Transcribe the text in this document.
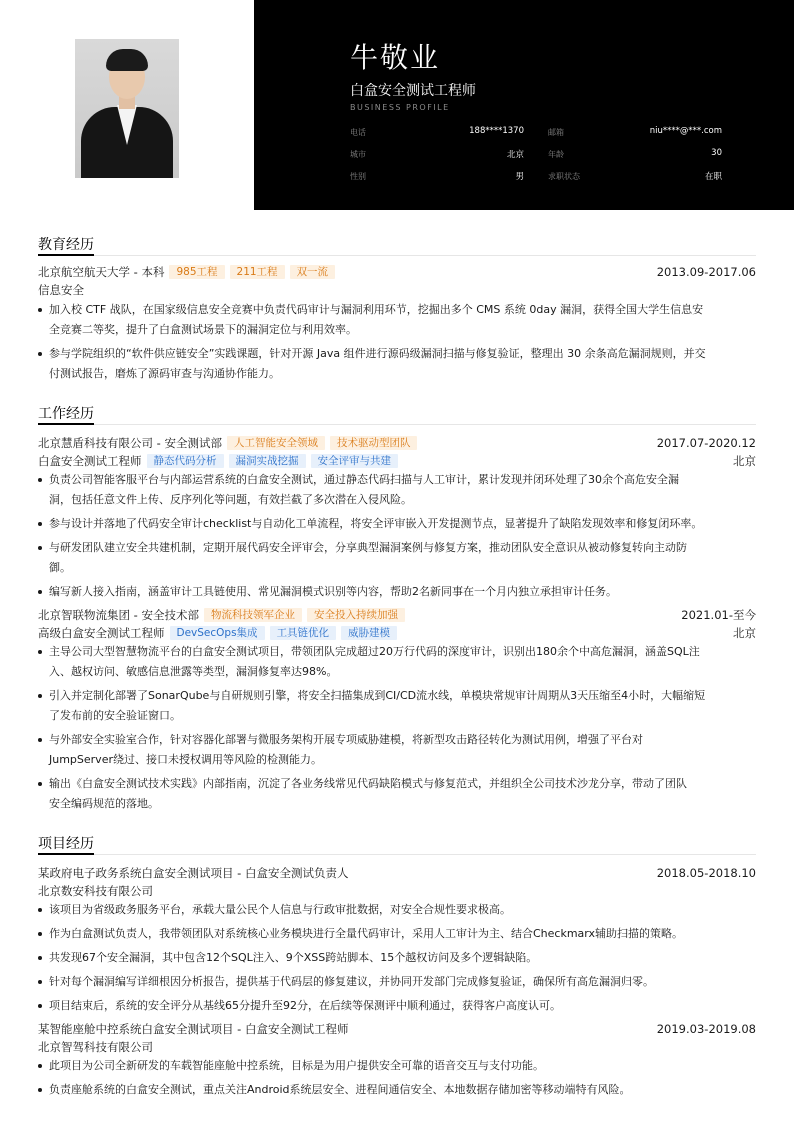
牛敬业
白盒安全测试工程师
BUSINESS PROFILE
电话	188****1370	邮箱	niu****@***.com
城市	北京	年龄	30
性别	男	求职状态	在职
教育经历
北京航空航天大学 - 本科	985工程	211工程	双一流	2013.09-2017.06
信息安全
加入校 CTF 战队，在国家级信息安全竞赛中负责代码审计与漏洞利用环节，挖掘出多个 CMS 系统 0day 漏洞，获得全国大学生信息安
全竞赛二等奖，提升了白盒测试场景下的漏洞定位与利用效率。
参与学院组织的“软件供应链安全”实践课题，针对开源 Java 组件进行源码级漏洞扫描与修复验证，整理出 30 余条高危漏洞规则，并交
付测试报告，磨炼了源码审查与沟通协作能力。
工作经历
北京慧盾科技有限公司 - 安全测试部	人工智能安全领域	技术驱动型团队	2017.07-2020.12
白盒安全测试工程师	静态代码分析	漏洞实战挖掘	安全评审与共建	北京
负责公司智能客服平台与内部运营系统的白盒安全测试，通过静态代码扫描与人工审计，累计发现并闭环处理了30余个高危安全漏
洞，包括任意文件上传、反序列化等问题，有效拦截了多次潜在入侵风险。
参与设计并落地了代码安全审计checklist与自动化工单流程，将安全评审嵌入开发提测节点，显著提升了缺陷发现效率和修复闭环率。
与研发团队建立安全共建机制，定期开展代码安全评审会，分享典型漏洞案例与修复方案，推动团队安全意识从被动修复转向主动防
御。
编写新人接入指南，涵盖审计工具链使用、常见漏洞模式识别等内容，帮助2名新同事在一个月内独立承担审计任务。
北京智联物流集团 - 安全技术部	物流科技领军企业	安全投入持续加强	2021.01-至今
高级白盒安全测试工程师	DevSecOps集成	工具链优化	威胁建模	北京
主导公司大型智慧物流平台的白盒安全测试项目，带领团队完成超过20万行代码的深度审计，识别出180余个中高危漏洞，涵盖SQL注
入、越权访问、敏感信息泄露等类型，漏洞修复率达98%。
引入并定制化部署了SonarQube与自研规则引擎，将安全扫描集成到CI/CD流水线，单模块常规审计周期从3天压缩至4小时，大幅缩短
了发布前的安全验证窗口。
与外部安全实验室合作，针对容器化部署与微服务架构开展专项威胁建模，将新型攻击路径转化为测试用例，增强了平台对
JumpServer绕过、接口未授权调用等风险的检测能力。
输出《白盒安全测试技术实践》内部指南，沉淀了各业务线常见代码缺陷模式与修复范式，并组织全公司技术沙龙分享，带动了团队
安全编码规范的落地。
项目经历
某政府电子政务系统白盒安全测试项目 - 白盒安全测试负责人	2018.05-2018.10
北京数安科技有限公司
该项目为省级政务服务平台，承载大量公民个人信息与行政审批数据，对安全合规性要求极高。
作为白盒测试负责人，我带领团队对系统核心业务模块进行全量代码审计，采用人工审计为主、结合Checkmarx辅助扫描的策略。
共发现67个安全漏洞，其中包含12个SQL注入、9个XSS跨站脚本、15个越权访问及多个逻辑缺陷。
针对每个漏洞编写详细根因分析报告，提供基于代码层的修复建议，并协同开发部门完成修复验证，确保所有高危漏洞归零。
项目结束后，系统的安全评分从基线65分提升至92分，在后续等保测评中顺利通过，获得客户高度认可。
某智能座舱中控系统白盒安全测试项目 - 白盒安全测试工程师	2019.03-2019.08
北京智驾科技有限公司
此项目为公司全新研发的车载智能座舱中控系统，目标是为用户提供安全可靠的语音交互与支付功能。
负责座舱系统的白盒安全测试，重点关注Android系统层安全、进程间通信安全、本地数据存储加密等移动端特有风险。
